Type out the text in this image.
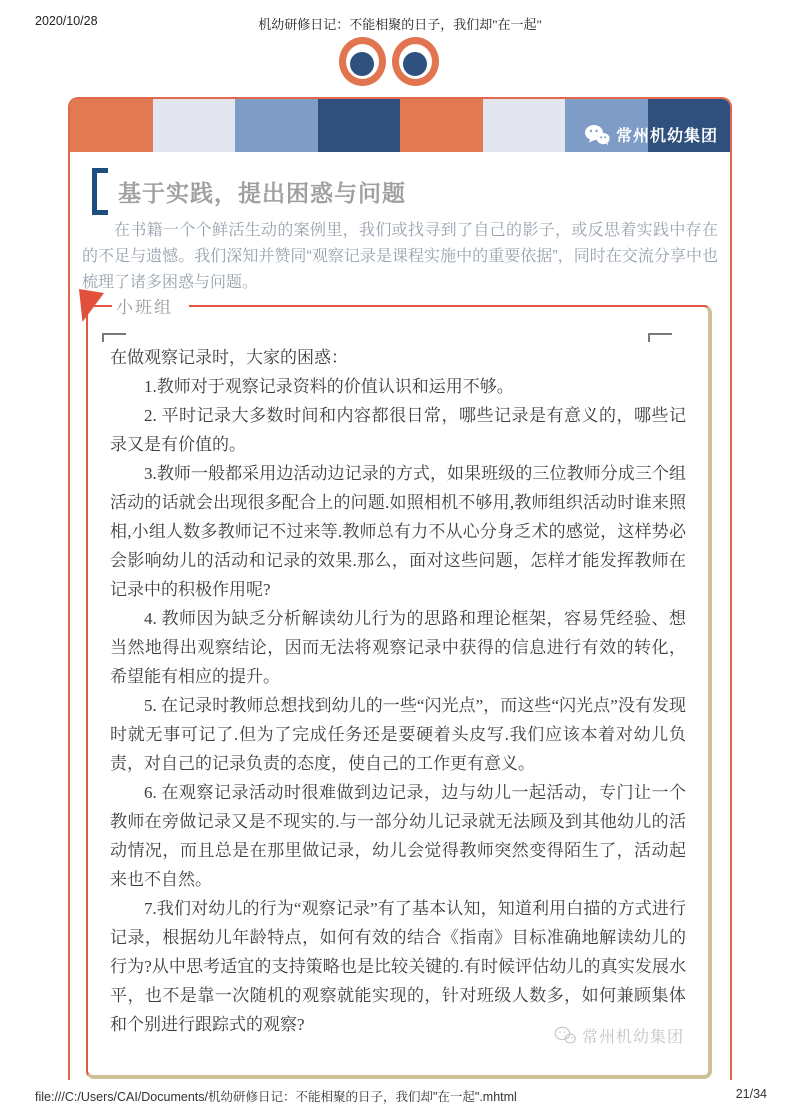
2020/10/28	机幼研修日记：不能相聚的日子，我们却"在一起"
常州机幼集团
基于实践，提出困惑与问题

在书籍一个个鲜活生动的案例里，我们或找寻到了自己的影子，或反思着实践中存在的不足与遗憾。我们深知并赞同“观察记录是课程实施中的重要依据”，同时在交流分享中也梳理了诸多困惑与问题。

小班组

在做观察记录时，大家的困惑：

1.教师对于观察记录资料的价值认识和运用不够。

2. 平时记录大多数时间和内容都很日常，哪些记录是有意义的，哪些记录又是有价值的。

3.教师一般都采用边活动边记录的方式，如果班级的三位教师分成三个组活动的话就会出现很多配合上的问题.如照相机不够用,教师组织活动时谁来照相,小组人数多教师记不过来等.教师总有力不从心分身乏术的感觉，这样势必会影响幼儿的活动和记录的效果.那么，面对这些问题，怎样才能发挥教师在记录中的积极作用呢?

4. 教师因为缺乏分析解读幼儿行为的思路和理论框架，容易凭经验、想当然地得出观察结论，因而无法将观察记录中获得的信息进行有效的转化，希望能有相应的提升。

5. 在记录时教师总想找到幼儿的一些“闪光点”，而这些“闪光点”没有发现时就无事可记了.但为了完成任务还是要硬着头皮写.我们应该本着对幼儿负责，对自己的记录负责的态度，使自己的工作更有意义。

6. 在观察记录活动时很难做到边记录，边与幼儿一起活动，专门让一个教师在旁做记录又是不现实的.与一部分幼儿记录就无法顾及到其他幼儿的活动情况，而且总是在那里做记录，幼儿会觉得教师突然变得陌生了，活动起来也不自然。

7.我们对幼儿的行为“观察记录”有了基本认知，知道利用白描的方式进行记录，根据幼儿年龄特点，如何有效的结合《指南》目标准确地解读幼儿的行为?从中思考适宜的支持策略也是比较关键的.有时候评估幼儿的真实发展水平，也不是靠一次随机的观察就能实现的，针对班级人数多，如何兼顾集体和个别进行跟踪式的观察?

常州机幼集团
file:///C:/Users/CAI/Documents/机幼研修日记：不能相聚的日子，我们却"在一起".mhtml	21/34
